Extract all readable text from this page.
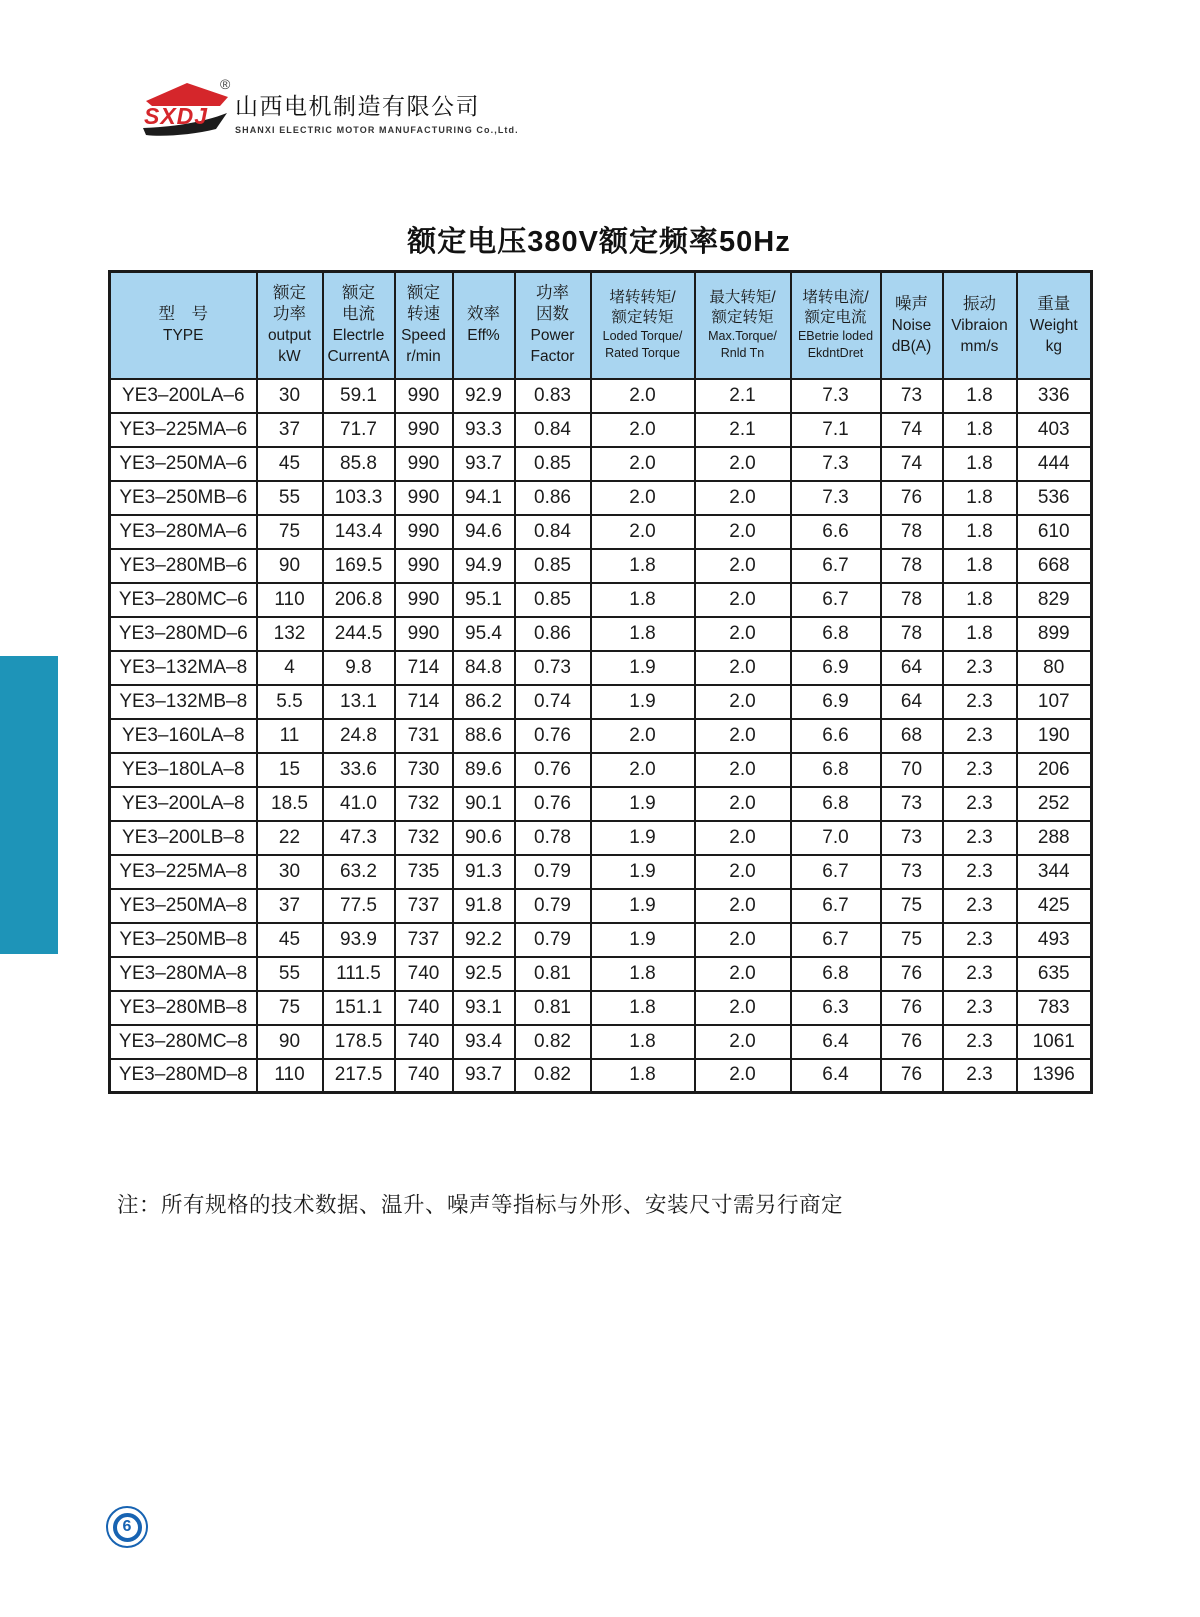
SXDJ
®
山西电机制造有限公司
SHANXI ELECTRIC MOTOR MANUFACTURING Co.,Ltd.
额定电压380V额定频率50Hz
型　号
TYPE

额定
功率
output
kW

额定
电流
Electrle
CurrentA

额定
转速
Speed
r/min

效率
Eff%

功率
因数
Power
Factor

堵转转矩/
额定转矩
Loded Torque/
Rated Torque

最大转矩/
额定转矩
Max.Torque/
Rnld Tn

堵转电流/
额定电流
EBetrie loded
EkdntDret

噪声
Noise
dB(A)

振动
Vibraion
mm/s

重量
Weight
kg

YE3–200LA–6	30	59.1	990	92.9	0.83	2.0	2.1	7.3	73	1.8	336
YE3–225MA–6	37	71.7	990	93.3	0.84	2.0	2.1	7.1	74	1.8	403
YE3–250MA–6	45	85.8	990	93.7	0.85	2.0	2.0	7.3	74	1.8	444
YE3–250MB–6	55	103.3	990	94.1	0.86	2.0	2.0	7.3	76	1.8	536
YE3–280MA–6	75	143.4	990	94.6	0.84	2.0	2.0	6.6	78	1.8	610
YE3–280MB–6	90	169.5	990	94.9	0.85	1.8	2.0	6.7	78	1.8	668
YE3–280MC–6	110	206.8	990	95.1	0.85	1.8	2.0	6.7	78	1.8	829
YE3–280MD–6	132	244.5	990	95.4	0.86	1.8	2.0	6.8	78	1.8	899
YE3–132MA–8	4	9.8	714	84.8	0.73	1.9	2.0	6.9	64	2.3	80
YE3–132MB–8	5.5	13.1	714	86.2	0.74	1.9	2.0	6.9	64	2.3	107
YE3–160LA–8	11	24.8	731	88.6	0.76	2.0	2.0	6.6	68	2.3	190
YE3–180LA–8	15	33.6	730	89.6	0.76	2.0	2.0	6.8	70	2.3	206
YE3–200LA–8	18.5	41.0	732	90.1	0.76	1.9	2.0	6.8	73	2.3	252
YE3–200LB–8	22	47.3	732	90.6	0.78	1.9	2.0	7.0	73	2.3	288
YE3–225MA–8	30	63.2	735	91.3	0.79	1.9	2.0	6.7	73	2.3	344
YE3–250MA–8	37	77.5	737	91.8	0.79	1.9	2.0	6.7	75	2.3	425
YE3–250MB–8	45	93.9	737	92.2	0.79	1.9	2.0	6.7	75	2.3	493
YE3–280MA–8	55	111.5	740	92.5	0.81	1.8	2.0	6.8	76	2.3	635
YE3–280MB–8	75	151.1	740	93.1	0.81	1.8	2.0	6.3	76	2.3	783
YE3–280MC–8	90	178.5	740	93.4	0.82	1.8	2.0	6.4	76	2.3	1061
YE3–280MD–8	110	217.5	740	93.7	0.82	1.8	2.0	6.4	76	2.3	1396

注：所有规格的技术数据、温升、噪声等指标与外形、安装尺寸需另行商定

6
